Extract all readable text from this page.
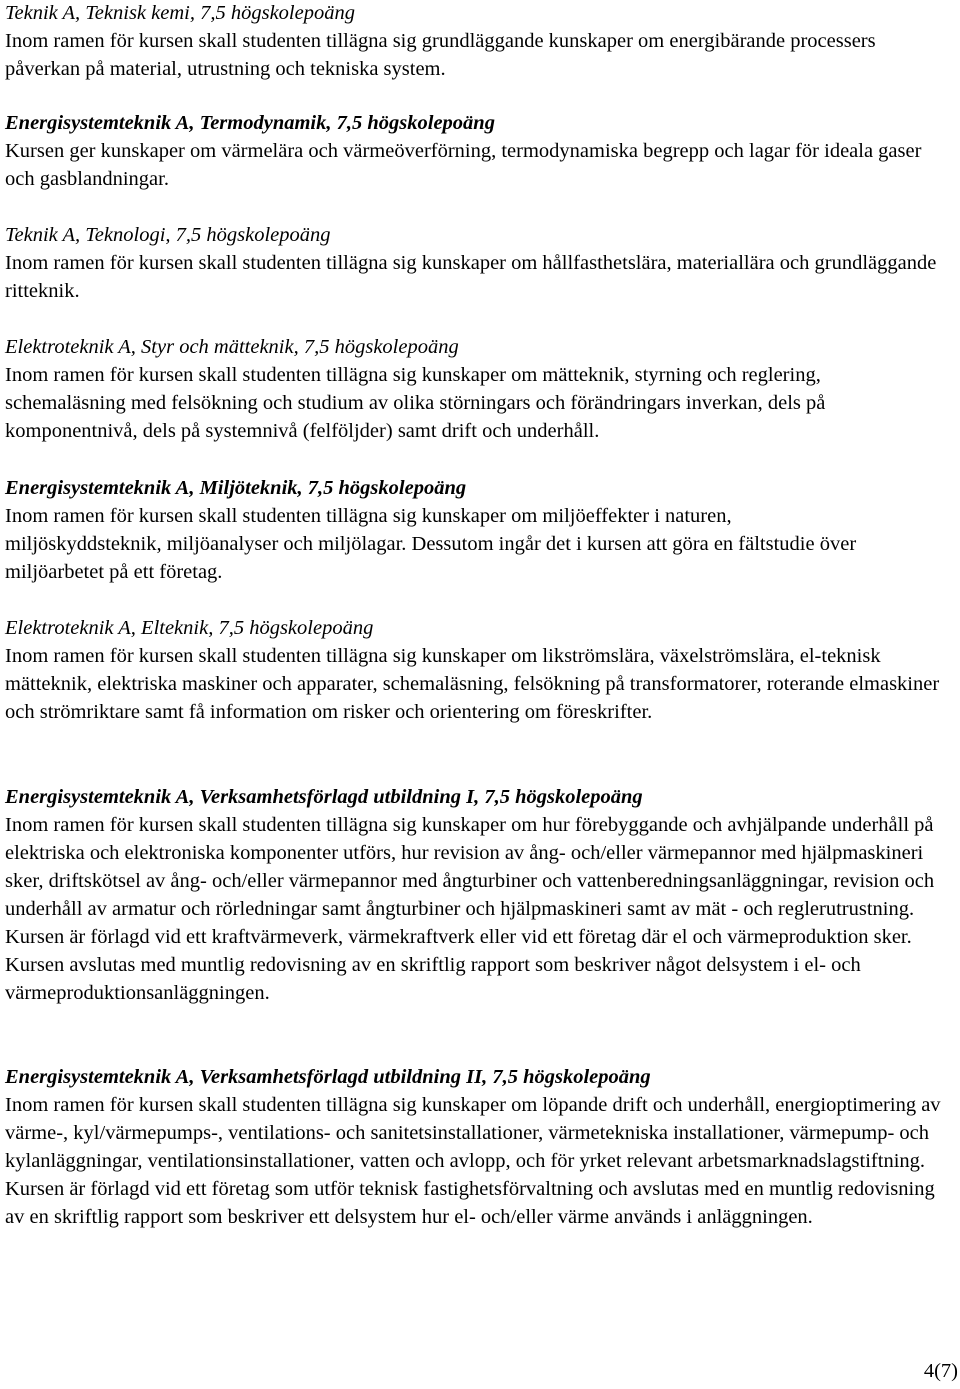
Teknik A, Teknisk kemi, 7,5 högskolepoäng
Inom ramen för kursen skall studenten tillägna sig grundläggande kunskaper om energibärande processers påverkan på material, utrustning och tekniska system.

Energisystemteknik A, Termodynamik, 7,5 högskolepoäng
Kursen ger kunskaper om värmelära och värmeöverförning, termodynamiska begrepp och lagar för ideala gaser och gasblandningar.

Teknik A, Teknologi, 7,5 högskolepoäng
Inom ramen för kursen skall studenten tillägna sig kunskaper om hållfasthetslära, materiallära och grundläggande ritteknik.

Elektroteknik A, Styr och mätteknik, 7,5 högskolepoäng
Inom ramen för kursen skall studenten tillägna sig kunskaper om mätteknik, styrning och reglering, schemaläsning med felsökning och studium av olika störningars och förändringars inverkan, dels på komponentnivå, dels på systemnivå (felföljder) samt drift och underhåll.

Energisystemteknik A, Miljöteknik, 7,5 högskolepoäng
Inom ramen för kursen skall studenten tillägna sig kunskaper om miljöeffekter i naturen, miljöskyddsteknik, miljöanalyser och miljölagar. Dessutom ingår det i kursen att göra en fältstudie över miljöarbetet på ett företag.

Elektroteknik A, Elteknik, 7,5 högskolepoäng
Inom ramen för kursen skall studenten tillägna sig kunskaper om likströmslära, växelströmslära, el-teknisk mätteknik, elektriska maskiner och apparater, schemaläsning, felsökning på transformatorer, roterande elmaskiner och strömriktare samt få information om risker och orientering om föreskrifter.

Energisystemteknik A, Verksamhetsförlagd utbildning I, 7,5 högskolepoäng
Inom ramen för kursen skall studenten tillägna sig kunskaper om hur förebyggande och avhjälpande underhåll på elektriska och elektroniska komponenter utförs, hur revision av ång- och/eller värmepannor med hjälpmaskineri sker, driftskötsel av ång- och/eller värmepannor med ångturbiner och vattenberedningsanläggningar, revision och underhåll av armatur och rörledningar samt ångturbiner och hjälpmaskineri samt av mät - och reglerutrustning. Kursen är förlagd vid ett kraftvärmeverk, värmekraftverk eller vid ett företag där el och värmeproduktion sker. Kursen avslutas med muntlig redovisning av en skriftlig rapport som beskriver något delsystem i el- och värmeproduktionsanläggningen.

Energisystemteknik A, Verksamhetsförlagd utbildning II, 7,5 högskolepoäng
Inom ramen för kursen skall studenten tillägna sig kunskaper om löpande drift och underhåll, energioptimering av värme-, kyl/värmepumps-, ventilations- och sanitetsinstallationer, värmetekniska installationer, värmepump- och kylanläggningar, ventilationsinstallationer, vatten och avlopp, och för yrket relevant arbetsmarknadslagstiftning. Kursen är förlagd vid ett företag som utför teknisk fastighetsförvaltning och avslutas med en muntlig redovisning av en skriftlig rapport som beskriver ett delsystem hur el- och/eller värme används i anläggningen.

4(7)
